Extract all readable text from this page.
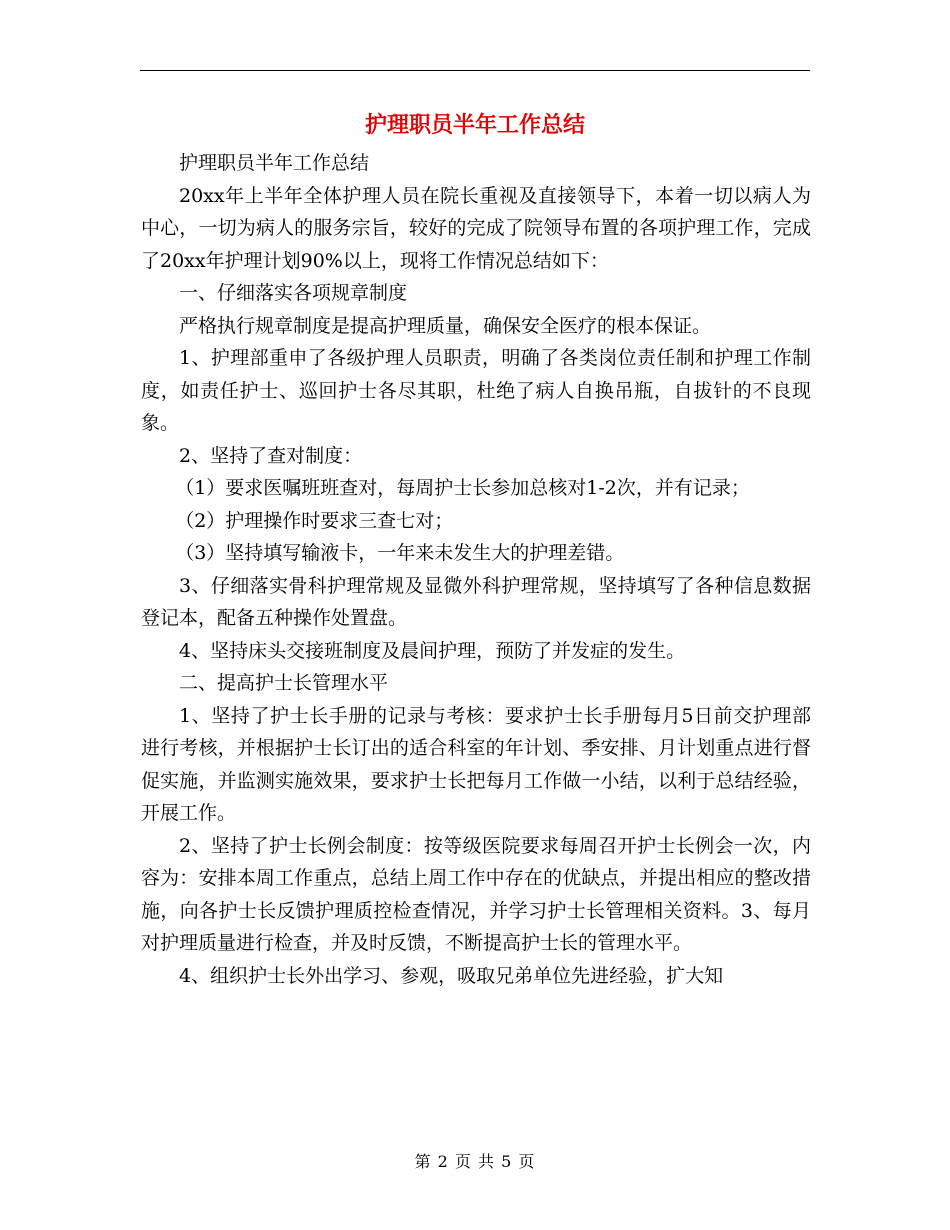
护理职员半年工作总结

护理职员半年工作总结

20xx年上半年全体护理人员在院长重视及直接领导下，本着一切以病人为中心，一切为病人的服务宗旨，较好的完成了院领导布置的各项护理工作，完成了20xx年护理计划90%以上，现将工作情况总结如下：

一、仔细落实各项规章制度

严格执行规章制度是提高护理质量，确保安全医疗的根本保证。

1、护理部重申了各级护理人员职责，明确了各类岗位责任制和护理工作制度，如责任护士、巡回护士各尽其职，杜绝了病人自换吊瓶，自拔针的不良现象。

2、坚持了查对制度：

（1）要求医嘱班班查对，每周护士长参加总核对1-2次，并有记录；

（2）护理操作时要求三查七对；

（3）坚持填写输液卡，一年来未发生大的护理差错。

3、仔细落实骨科护理常规及显微外科护理常规，坚持填写了各种信息数据登记本，配备五种操作处置盘。

4、坚持床头交接班制度及晨间护理，预防了并发症的发生。

二、提高护士长管理水平

1、坚持了护士长手册的记录与考核：要求护士长手册每月5日前交护理部进行考核，并根据护士长订出的适合科室的年计划、季安排、月计划重点进行督促实施，并监测实施效果，要求护士长把每月工作做一小结，以利于总结经验，开展工作。

2、坚持了护士长例会制度：按等级医院要求每周召开护士长例会一次，内容为：安排本周工作重点，总结上周工作中存在的优缺点，并提出相应的整改措施，向各护士长反馈护理质控检查情况，并学习护士长管理相关资料。3、每月对护理质量进行检查，并及时反馈，不断提高护士长的管理水平。

4、组织护士长外出学习、参观，吸取兄弟单位先进经验，扩大知

第 2 页 共 5 页
